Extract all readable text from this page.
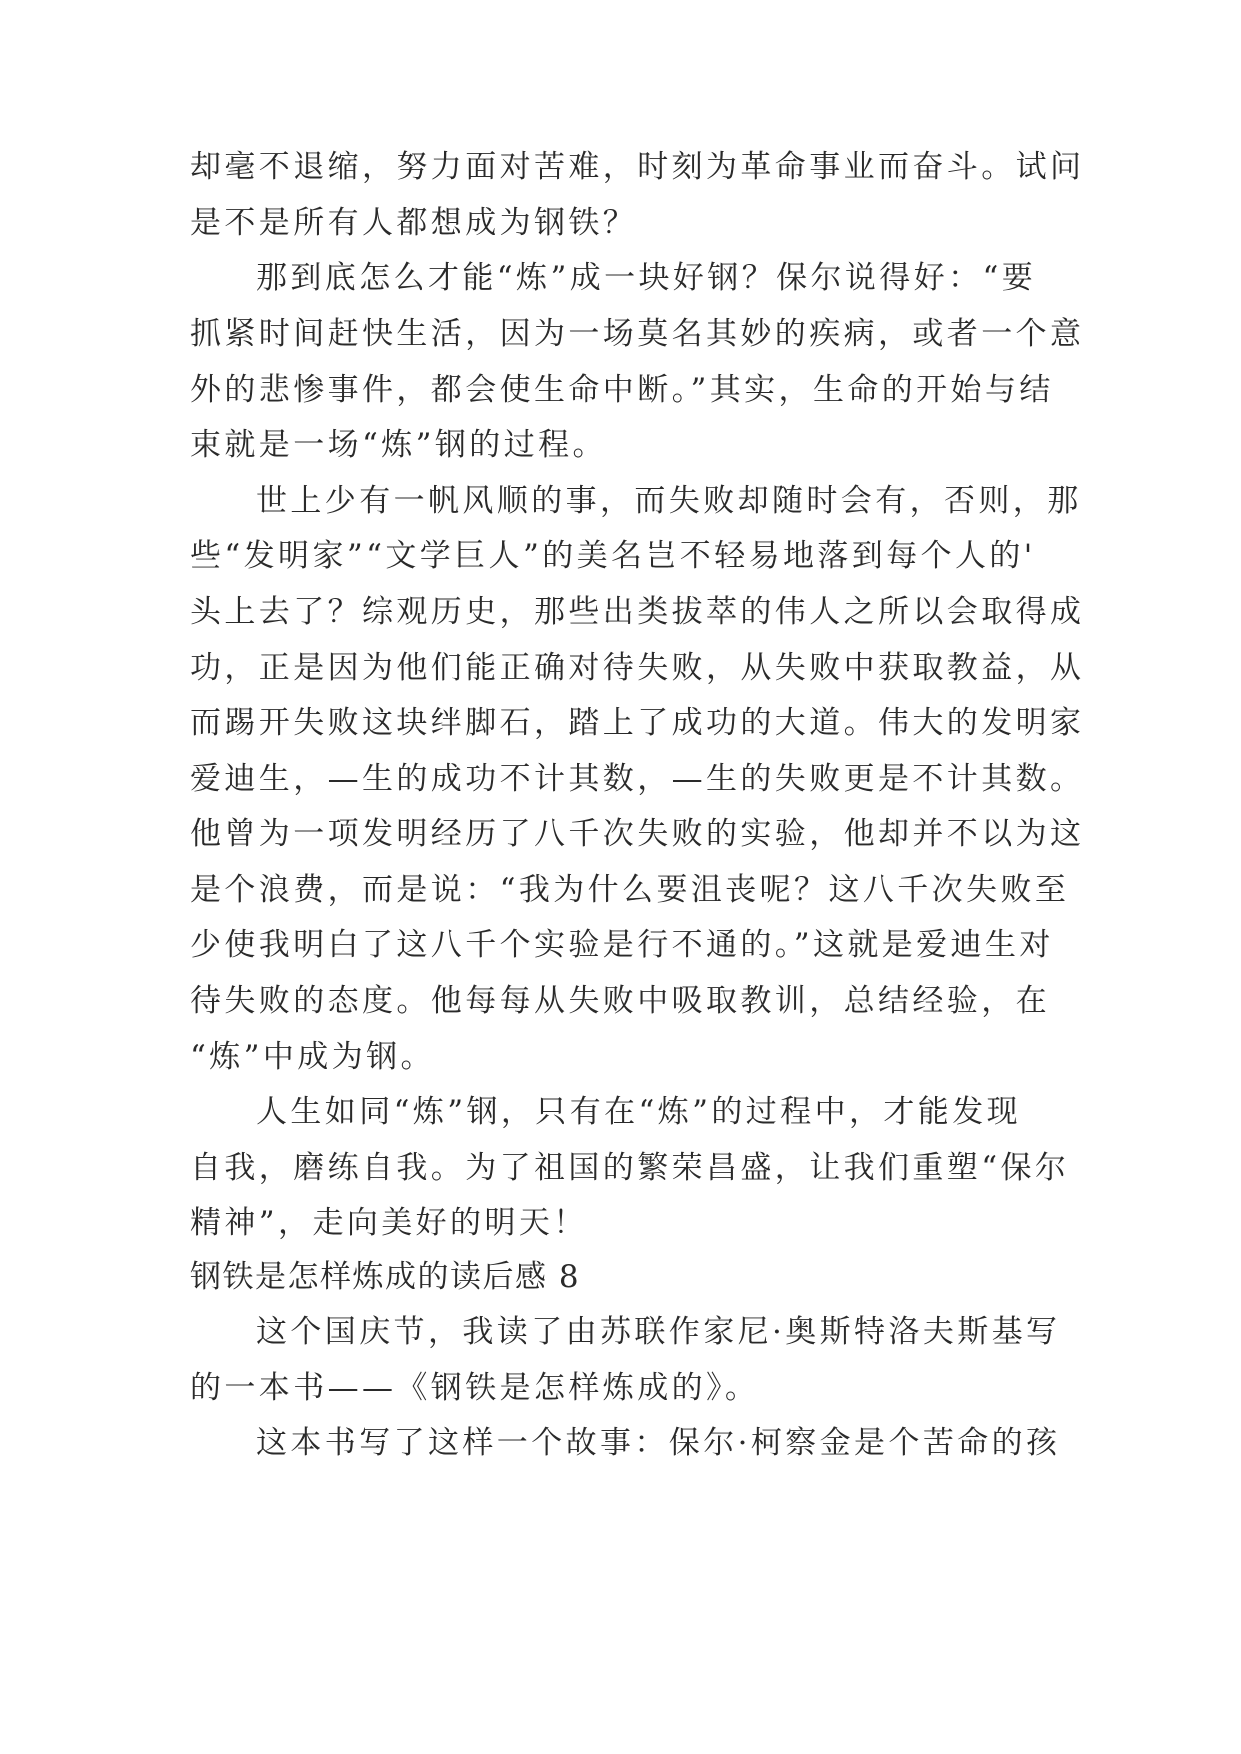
却毫不退缩，努力面对苦难，时刻为革命事业而奋斗。试问
是不是所有人都想成为钢铁？
那到底怎么才能“炼”成一块好钢？保尔说得好：“要
抓紧时间赶快生活，因为一场莫名其妙的疾病，或者一个意
外的悲惨事件，都会使生命中断。”其实，生命的开始与结
束就是一场“炼”钢的过程。
世上少有一帆风顺的事，而失败却随时会有，否则，那
些“发明家”“文学巨人”的美名岂不轻易地落到每个人的'
头上去了？综观历史，那些出类拔萃的伟人之所以会取得成
功，正是因为他们能正确对待失败，从失败中获取教益，从
而踢开失败这块绊脚石，踏上了成功的大道。伟大的发明家
爱迪生，—生的成功不计其数，—生的失败更是不计其数。
他曾为一项发明经历了八千次失败的实验，他却并不以为这
是个浪费，而是说：“我为什么要沮丧呢？这八千次失败至
少使我明白了这八千个实验是行不通的。”这就是爱迪生对
待失败的态度。他每每从失败中吸取教训，总结经验，在
“炼”中成为钢。
人生如同“炼”钢，只有在“炼”的过程中，才能发现
自我，磨练自我。为了祖国的繁荣昌盛，让我们重塑“保尔
精神”，走向美好的明天！
钢铁是怎样炼成的读后感 8
这个国庆节，我读了由苏联作家尼·奥斯特洛夫斯基写
的一本书——《钢铁是怎样炼成的》。
这本书写了这样一个故事：保尔·柯察金是个苦命的孩
